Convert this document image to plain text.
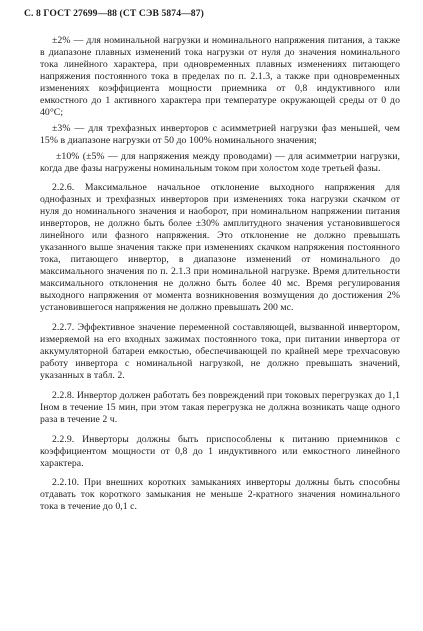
С. 8 ГОСТ 27699—88 (СТ СЭВ 5874—87)

±2% — для номинальной нагрузки и номинального напряжения питания, а также в диапазоне плавных изменений тока нагрузки от нуля до значения номинального тока линейного характера, при одновременных плавных изменениях питающего напряжения постоянного тока в пределах по п. 2.1.3, а также при одновременных изменениях коэффициента мощности приемника от 0,8 индуктивного или емкостного до 1 активного характера при температуре окружающей среды от 0 до 40°С;

±3% — для трехфазных инверторов с асимметрией нагрузки фаз меньшей, чем 15% в диапазоне нагрузки от 50 до 100% номинального значения;

±10% (±5% — для напряжения между проводами) — для асимметрии нагрузки, когда две фазы нагружены номинальным током при холостом ходе третьей фазы.

2.2.6. Максимальное начальное отклонение выходного напряжения для однофазных и трехфазных инверторов при изменениях тока нагрузки скачком от нуля до номинального значения и наоборот, при номинальном напряжении питания инверторов, не должно быть более ±30% амплитудного значения установившегося линейного или фазного напряжения. Это отклонение не должно превышать указанного выше значения также при изменениях скачком напряжения постоянного тока, питающего инвертор, в диапазоне изменений от номинального до максимального значения по п. 2.1.3 при номинальной нагрузке. Время длительности максимального отклонения не должно быть более 40 мс. Время регулирования выходного напряжения от момента возникновения возмущения до достижения 2% установившегося напряжения не должно превышать 200 мс.

2.2.7. Эффективное значение переменной составляющей, вызванной инвертором, измеряемой на его входных зажимах постоянного тока, при питании инвертора от аккумуляторной батареи емкостью, обеспечивающей по крайней мере трехчасовую работу инвертора с номинальной нагрузкой, не должно превышать значений, указанных в табл. 2.

2.2.8. Инвертор должен работать без повреждений при токовых перегрузках до 1,1 Iном в течение 15 мин, при этом такая перегрузка не должна возникать чаще одного раза в течение 2 ч.

2.2.9. Инверторы должны быть приспособлены к питанию приемников с коэффициентом мощности от 0,8 до 1 индуктивного или емкостного линейного характера.

2.2.10. При внешних коротких замыканиях инверторы должны быть способны отдавать ток короткого замыкания не меньше 2-кратного значения номинального тока в течение до 0,1 с.
